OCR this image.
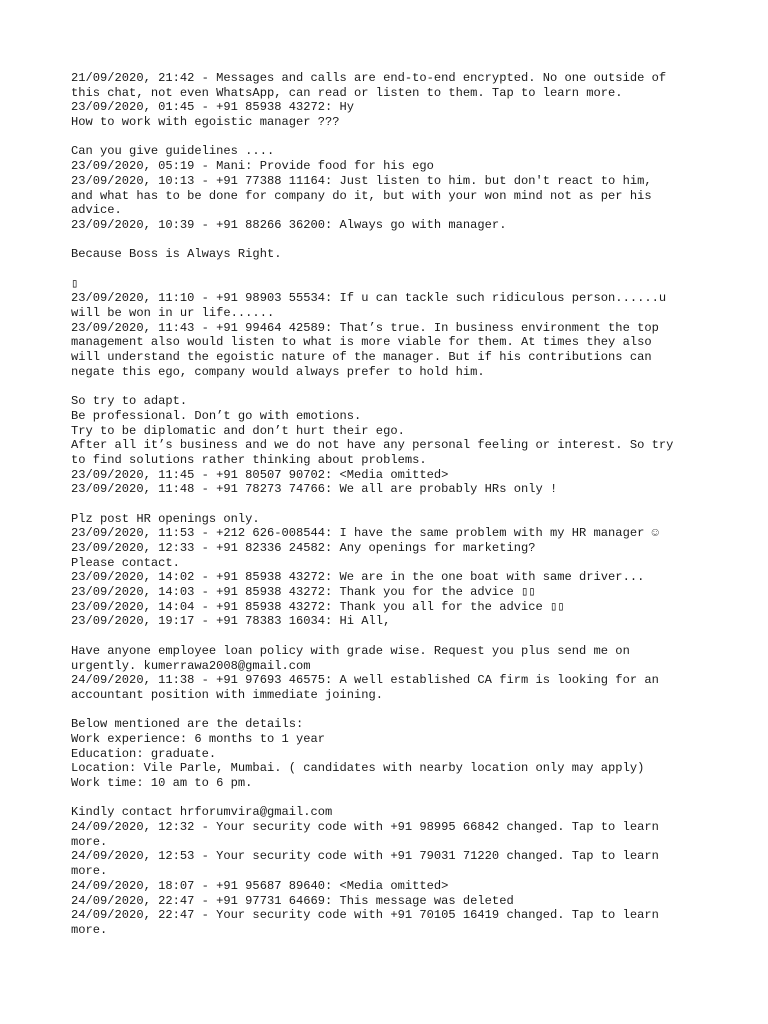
21/09/2020, 21:42 - Messages and calls are end-to-end encrypted. No one outside of
this chat, not even WhatsApp, can read or listen to them. Tap to learn more.
23/09/2020, 01:45 - +91 85938 43272: Hy
How to work with egoistic manager ???
Can you give guidelines ....
23/09/2020, 05:19 - Mani: Provide food for his ego
23/09/2020, 10:13 - +91 77388 11164: Just listen to him. but don't react to him,
and what has to be done for company do it, but with your won mind not as per his
advice.
23/09/2020, 10:39 - +91 88266 36200: Always go with manager.
Because Boss is Always Right.
▯
23/09/2020, 11:10 - +91 98903 55534: If u can tackle such ridiculous person......u
will be won in ur life......
23/09/2020, 11:43 - +91 99464 42589: That’s true. In business environment the top
management also would listen to what is more viable for them. At times they also
will understand the egoistic nature of the manager. But if his contributions can
negate this ego, company would always prefer to hold him.
So try to adapt.
Be professional. Don’t go with emotions.
Try to be diplomatic and don’t hurt their ego.
After all it’s business and we do not have any personal feeling or interest. So try
to find solutions rather thinking about problems.
23/09/2020, 11:45 - +91 80507 90702: <Media omitted>
23/09/2020, 11:48 - +91 78273 74766: We all are probably HRs only !
Plz post HR openings only.
23/09/2020, 11:53 - +212 626-008544: I have the same problem with my HR manager ☺
23/09/2020, 12:33 - +91 82336 24582: Any openings for marketing?
Please contact.
23/09/2020, 14:02 - +91 85938 43272: We are in the one boat with same driver...
23/09/2020, 14:03 - +91 85938 43272: Thank you for the advice ▯▯
23/09/2020, 14:04 - +91 85938 43272: Thank you all for the advice ▯▯
23/09/2020, 19:17 - +91 78383 16034: Hi All,
Have anyone employee loan policy with grade wise. Request you plus send me on
urgently. kumerrawa2008@gmail.com
24/09/2020, 11:38 - +91 97693 46575: A well established CA firm is looking for an
accountant position with immediate joining.
Below mentioned are the details:
Work experience: 6 months to 1 year
Education: graduate.
Location: Vile Parle, Mumbai. ( candidates with nearby location only may apply)
Work time: 10 am to 6 pm.
Kindly contact hrforumvira@gmail.com
24/09/2020, 12:32 - Your security code with +91 98995 66842 changed. Tap to learn
more.
24/09/2020, 12:53 - Your security code with +91 79031 71220 changed. Tap to learn
more.
24/09/2020, 18:07 - +91 95687 89640: <Media omitted>
24/09/2020, 22:47 - +91 97731 64669: This message was deleted
24/09/2020, 22:47 - Your security code with +91 70105 16419 changed. Tap to learn
more.
